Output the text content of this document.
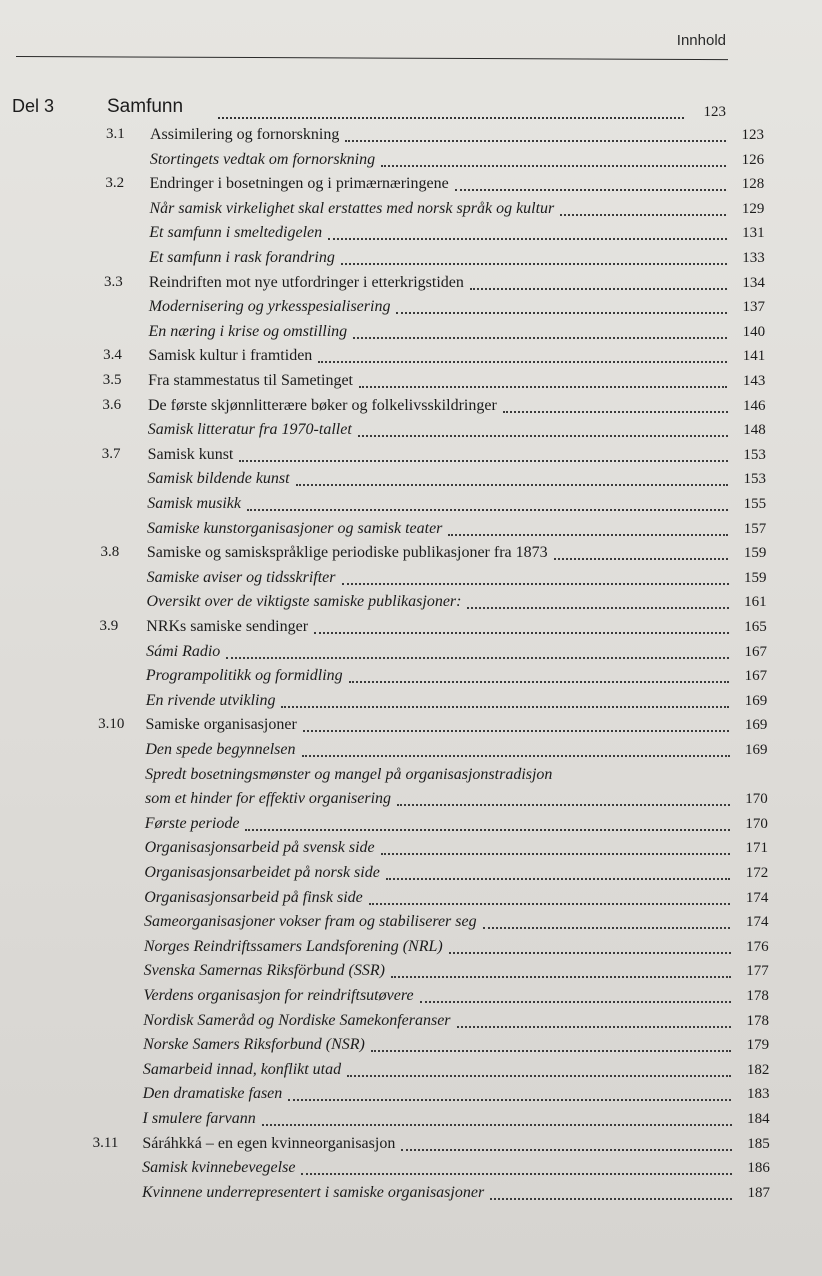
Innhold
Del 3	Samfunn	123
3.1 Assimilering og fornorskning	123
Stortingets vedtak om fornorskning	126
3.2 Endringer i bosetningen og i primærnæringene	128
Når samisk virkelighet skal erstattes med norsk språk og kultur	129
Et samfunn i smeltedigelen	131
Et samfunn i rask forandring	133
3.3 Reindriften mot nye utfordringer i etterkrigstiden	134
Modernisering og yrkesspesialisering	137
En næring i krise og omstilling	140
3.4 Samisk kultur i framtiden	141
3.5 Fra stammestatus til Sametinget	143
3.6 De første skjønnlitterære bøker og folkelivsskildringer	146
Samisk litteratur fra 1970-tallet	148
3.7 Samisk kunst	153
Samisk bildende kunst	153
Samisk musikk	155
Samiske kunstorganisasjoner og samisk teater	157
3.8 Samiske og samiskspråklige periodiske publikasjoner fra 1873	159
Samiske aviser og tidsskrifter	159
Oversikt over de viktigste samiske publikasjoner:	161
3.9 NRKs samiske sendinger	165
Sámi Radio	167
Programpolitikk og formidling	167
En rivende utvikling	169
3.10 Samiske organisasjoner	169
Den spede begynnelsen	169
Spredt bosetningsmønster og mangel på organisasjonstradisjon
som et hinder for effektiv organisering	170
Første periode	170
Organisasjonsarbeid på svensk side	171
Organisasjonsarbeidet på norsk side	172
Organisasjonsarbeid på finsk side	174
Sameorganisasjoner vokser fram og stabiliserer seg	174
Norges Reindriftssamers Landsforening (NRL)	176
Svenska Samernas Riksförbund (SSR)	177
Verdens organisasjon for reindriftsutøvere	178
Nordisk Sameråd og Nordiske Samekonferanser	178
Norske Samers Riksforbund (NSR)	179
Samarbeid innad, konflikt utad	182
Den dramatiske fasen	183
I smulere farvann	184
3.11 Sáráhkká – en egen kvinneorganisasjon	185
Samisk kvinnebevegelse	186
Kvinnene underrepresentert i samiske organisasjoner	187
